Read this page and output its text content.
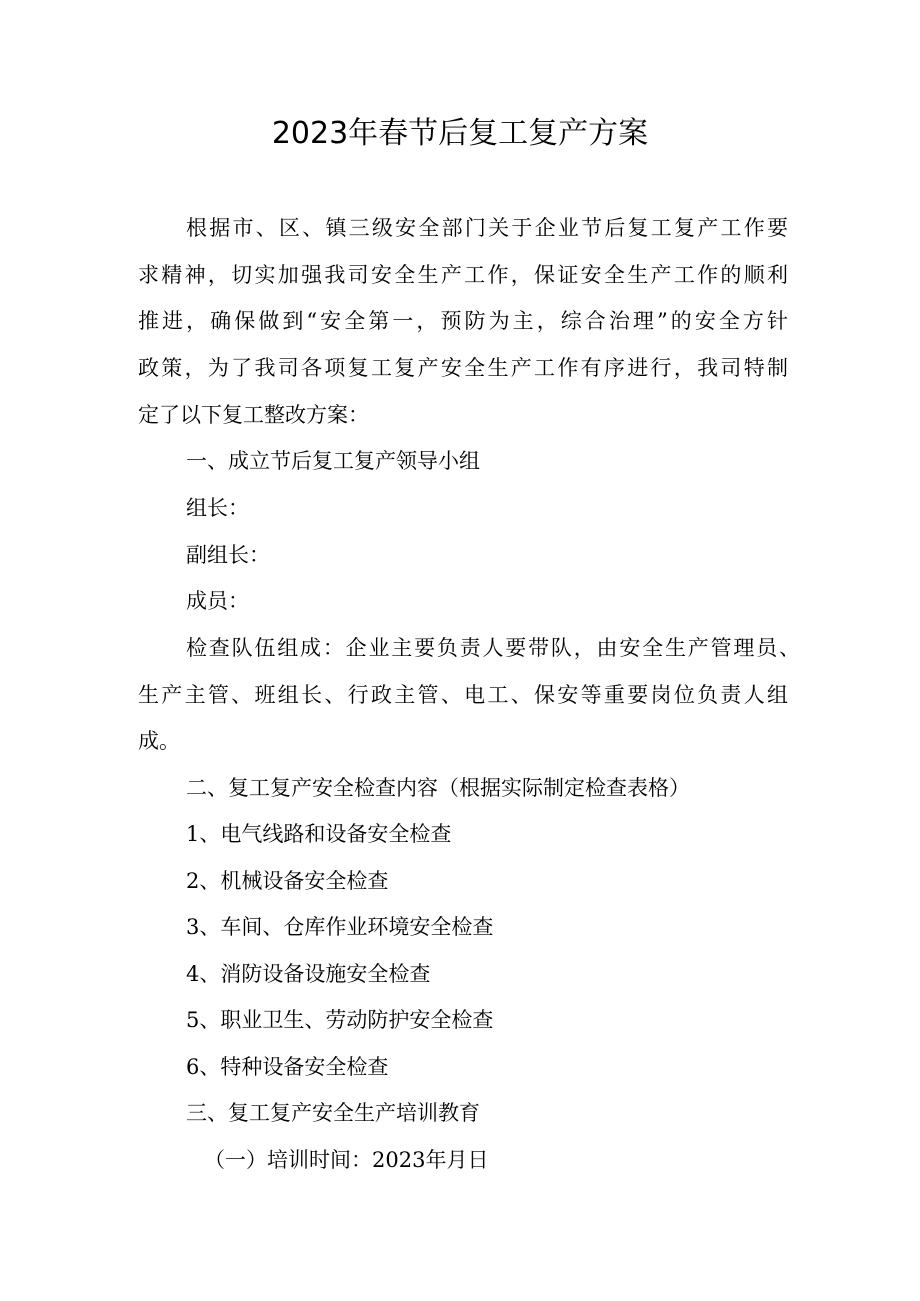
2023年春节后复工复产方案
根据市、区、镇三级安全部门关于企业节后复工复产工作要
求精神，切实加强我司安全生产工作，保证安全生产工作的顺利
推进，确保做到“安全第一，预防为主，综合治理”的安全方针
政策，为了我司各项复工复产安全生产工作有序进行，我司特制
定了以下复工整改方案：
一、成立节后复工复产领导小组
组长：
副组长：
成员：
检查队伍组成：企业主要负责人要带队，由安全生产管理员、
生产主管、班组长、行政主管、电工、保安等重要岗位负责人组
成。
二、复工复产安全检查内容（根据实际制定检查表格）
1、电气线路和设备安全检查
2、机械设备安全检查
3、车间、仓库作业环境安全检查
4、消防设备设施安全检查
5、职业卫生、劳动防护安全检查
6、特种设备安全检查
三、复工复产安全生产培训教育
（一）培训时间：2023年月日
